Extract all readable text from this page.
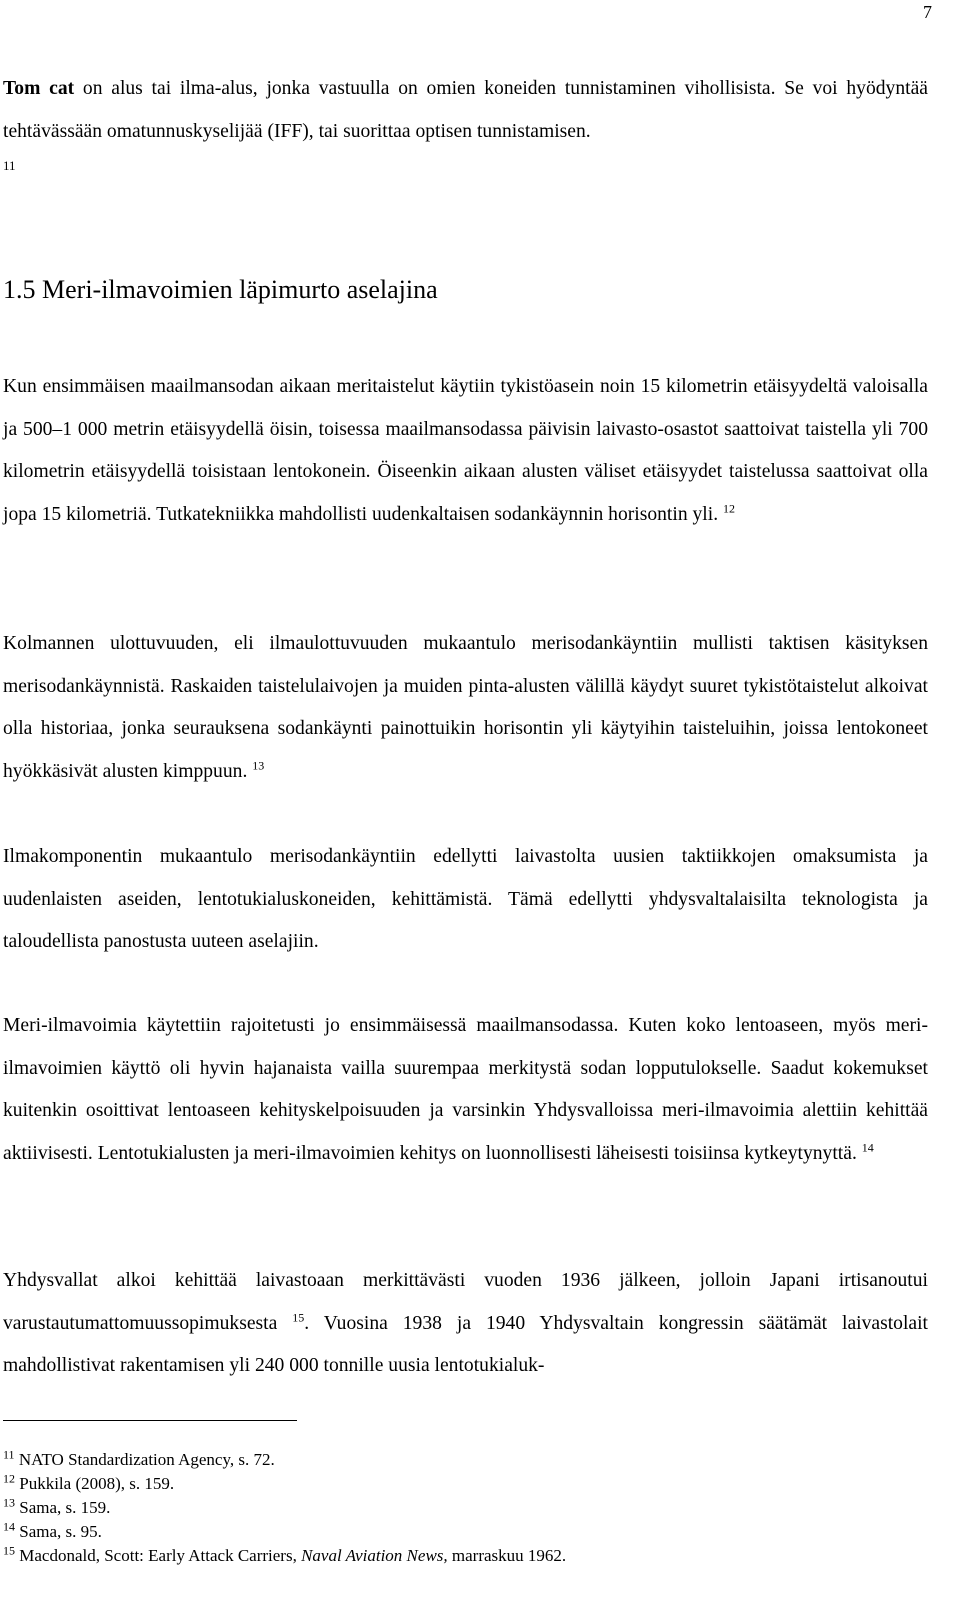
7

Tom cat on alus tai ilma-alus, jonka vastuulla on omien koneiden tunnistaminen vihollisista. Se voi hyödyntää tehtävässään omatunnuskyselijää (IFF), tai suorittaa optisen tunnistamisen.
11

1.5 Meri-ilmavoimien läpimurto aselajina

Kun ensimmäisen maailmansodan aikaan meritaistelut käytiin tykistöasein noin 15 kilometrin etäisyydeltä valoisalla ja 500–1 000 metrin etäisyydellä öisin, toisessa maailmansodassa päivisin laivasto-osastot saattoivat taistella yli 700 kilometrin etäisyydellä toisistaan lentokonein. Öiseenkin aikaan alusten väliset etäisyydet taistelussa saattoivat olla jopa 15 kilometriä. Tutkatekniikka mahdollisti uudenkaltaisen sodankäynnin horisontin yli. $^{12}$

Kolmannen ulottuvuuden, eli ilmaulottuvuuden mukaantulo merisodankäyntiin mullisti taktisen käsityksen merisodankäynnistä. Raskaiden taistelulaivojen ja muiden pinta-alusten välillä käydyt suuret tykistötaistelut alkoivat olla historiaa, jonka seurauksena sodankäynti painottuikin horisontin yli käytyihin taisteluihin, joissa lentokoneet hyökkäsivät alusten kimppuun. $^{13}$

Ilmakomponentin mukaantulo merisodankäyntiin edellytti laivastolta uusien taktiikkojen omaksumista ja uudenlaisten aseiden, lentotukialuskoneiden, kehittämistä. Tämä edellytti yhdysvaltalaisilta teknologista ja taloudellista panostusta uuteen aselajiin.

Meri-ilmavoimia käytettiin rajoitetusti jo ensimmäisessä maailmansodassa. Kuten koko lentoaseen, myös meri-ilmavoimien käyttö oli hyvin hajanaista vailla suurempaa merkitystä sodan lopputulokselle. Saadut kokemukset kuitenkin osoittivat lentoaseen kehityskelpoisuuden ja varsinkin Yhdysvalloissa meri-ilmavoimia alettiin kehittää aktiivisesti. Lentotukialusten ja meri-ilmavoimien kehitys on luonnollisesti läheisesti toisiinsa kytkeytynyttä. $^{14}$

Yhdysvallat alkoi kehittää laivastoaan merkittävästi vuoden 1936 jälkeen, jolloin Japani irtisanoutui varustautumattomuussopimuksesta $^{15}$. Vuosina 1938 ja 1940 Yhdysvaltain kongressin säätämät laivastolait mahdollistivat rakentamisen yli 240 000 tonnille uusia lentotukialuk-

$^{11}$ NATO Standardization Agency, s. 72.
$^{12}$ Pukkila (2008), s. 159.
$^{13}$ Sama, s. 159.
$^{14}$ Sama, s. 95.
$^{15}$ Macdonald, Scott: Early Attack Carriers, Naval Aviation News, marraskuu 1962.
